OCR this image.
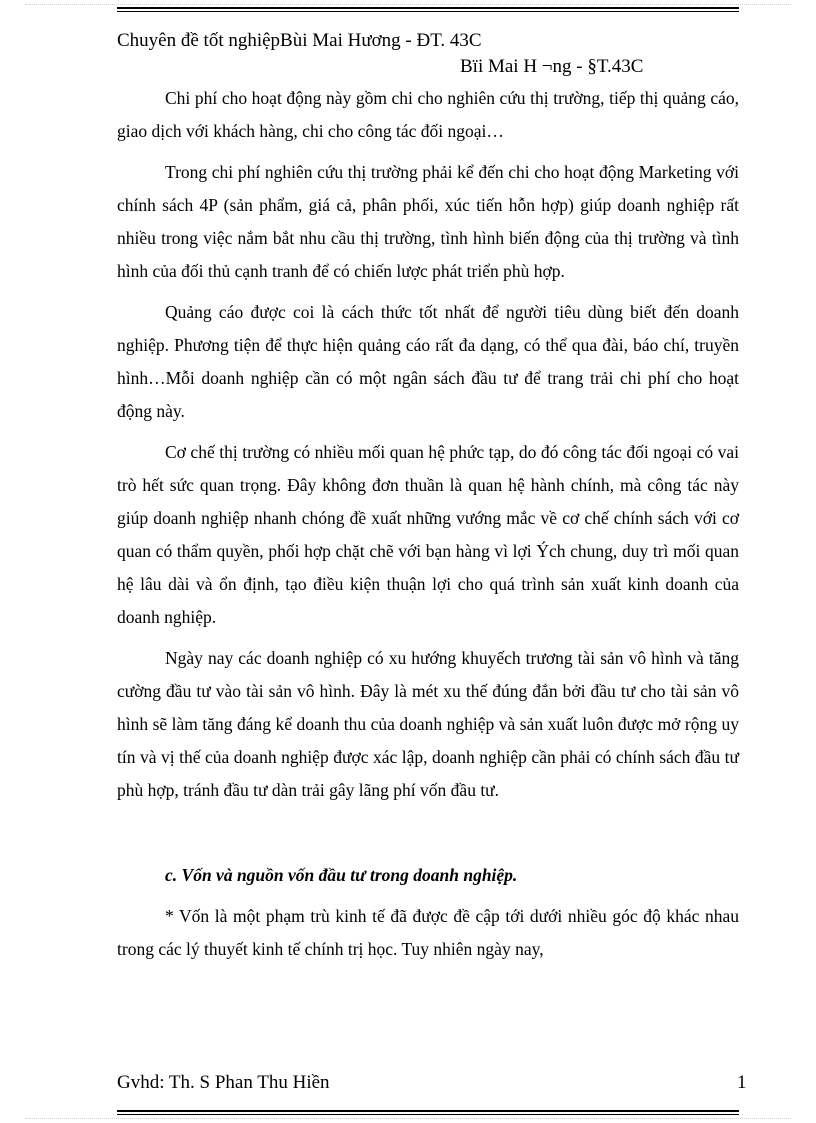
Chuyên đề tốt nghiệpBùi Mai Hương - ĐT. 43C
Bïi Mai H ¬ng - §T.43C

Chi phí cho hoạt động này gồm chi cho nghiên cứu thị trường, tiếp thị quảng cáo, giao dịch với khách hàng, chi cho công tác đối ngoại…

Trong chi phí nghiên cứu thị trường phải kể đến chi cho hoạt động Marketing với chính sách 4P (sản phẩm, giá cả, phân phối, xúc tiến hỗn hợp) giúp doanh nghiệp rất nhiều trong việc nắm bắt nhu cầu thị trường, tình hình biến động của thị trường và tình hình của đối thủ cạnh tranh để có chiến lược phát triển phù hợp.

Quảng cáo được coi là cách thức tốt nhất để người tiêu dùng biết đến doanh nghiệp. Phương tiện để thực hiện quảng cáo rất đa dạng, có thể qua đài, báo chí, truyền hình…Mỗi doanh nghiệp cần có một ngân sách đầu tư để trang trải chi phí cho hoạt động này.

Cơ chế thị trường có nhiều mối quan hệ phức tạp, do đó công tác đối ngoại có vai trò hết sức quan trọng. Đây không đơn thuần là quan hệ hành chính, mà công tác này giúp doanh nghiệp nhanh chóng đề xuất những vướng mắc về cơ chế chính sách với cơ quan có thẩm quyền, phối hợp chặt chẽ với bạn hàng vì lợi Ých chung, duy trì mối quan hệ lâu dài và ổn định, tạo điều kiện thuận lợi cho quá trình sản xuất kinh doanh của doanh nghiệp.

Ngày nay các doanh nghiệp có xu hướng khuyếch trương tài sản vô hình và tăng cường đầu tư vào tài sản vô hình. Đây là mét xu thế đúng đắn bởi đầu tư cho tài sản vô hình sẽ làm tăng đáng kể doanh thu của doanh nghiệp và sản xuất luôn được mở rộng uy tín và vị thế của doanh nghiệp được xác lập, doanh nghiệp cần phải có chính sách đầu tư phù hợp, tránh đầu tư dàn trải gây lãng phí vốn đầu tư.

c. Vốn và nguồn vốn đầu tư trong doanh nghiệp.

* Vốn là một phạm trù kinh tế đã được đề cập tới dưới nhiều góc độ khác nhau trong các lý thuyết kinh tế chính trị học. Tuy nhiên ngày nay,

Gvhd: Th. S Phan Thu Hiền	1
